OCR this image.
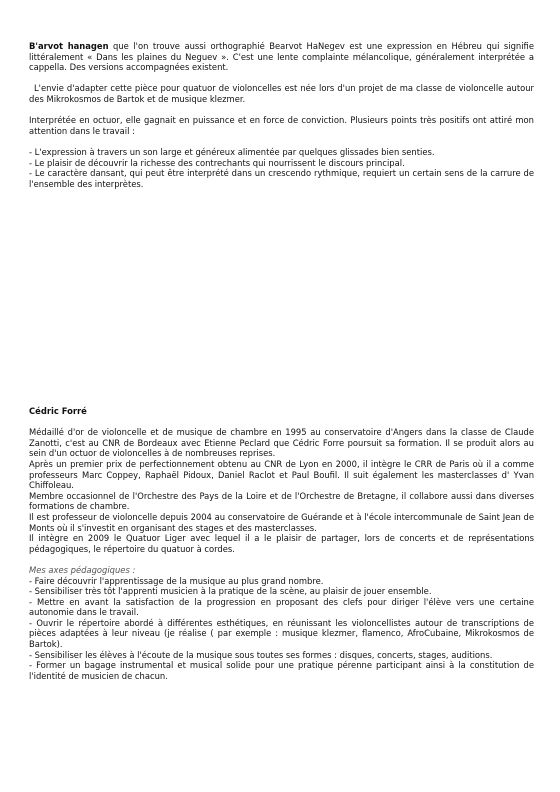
B'arvot hanagen que l'on trouve aussi orthographié Bearvot HaNegev est une expression en Hébreu qui signifie littéralement « Dans les plaines du Neguev ». C'est une lente complainte mélancolique, généralement interprétée a cappella. Des versions accompagnées existent.

L'envie d'adapter cette pièce pour quatuor de violoncelles est née lors d'un projet de ma classe de violoncelle autour des Mikrokosmos de Bartok et de musique klezmer.

Interprétée en octuor, elle gagnait en puissance et en force de conviction. Plusieurs points très positifs ont attiré mon attention dans le travail :

- L'expression à travers un son large et généreux alimentée par quelques glissades bien senties.

- Le plaisir de découvrir la richesse des contrechants qui nourrissent le discours principal.

- Le caractère dansant, qui peut être interprété dans un crescendo rythmique, requiert un certain sens de la carrure de l'ensemble des interprètes.

Cédric Forré

Médaillé d'or de violoncelle et de musique de chambre en 1995 au conservatoire d'Angers dans la classe de Claude Zanotti, c'est au CNR de Bordeaux avec Etienne Peclard que Cédric Forre poursuit sa formation. Il se produit alors au sein d'un octuor de violoncelles à de nombreuses reprises.

Après un premier prix de perfectionnement obtenu au CNR de Lyon en 2000, il intègre le CRR de Paris où il a comme professeurs Marc Coppey, Raphaël Pidoux, Daniel Raclot et Paul Boufil. Il suit également les masterclasses d' Yvan Chiffoleau.

Membre occasionnel de l'Orchestre des Pays de la Loire et de l'Orchestre de Bretagne, il collabore aussi dans diverses formations de chambre.

Il est professeur de violoncelle depuis 2004 au conservatoire de Guérande et à l'école intercommunale de Saint Jean de Monts où il s'investit en organisant des stages et des masterclasses.

Il intègre en 2009 le Quatuor Liger avec lequel il a le plaisir de partager, lors de concerts et de représentations pédagogiques, le répertoire du quatuor à cordes.

Mes axes pédagogiques :

- Faire découvrir l'apprentissage de la musique au plus grand nombre.

- Sensibiliser très tôt l'apprenti musicien à la pratique de la scène, au plaisir de jouer ensemble.

- Mettre en avant la satisfaction de la progression en proposant des clefs pour diriger l'élève vers une certaine autonomie dans le travail.

- Ouvrir le répertoire abordé à différentes esthétiques, en réunissant les violoncellistes autour de transcriptions de pièces adaptées à leur niveau (je réalise ( par exemple : musique klezmer, flamenco, AfroCubaine, Mikrokosmos de Bartok).

- Sensibiliser les élèves à l'écoute de la musique sous toutes ses formes : disques, concerts, stages, auditions.

- Former un bagage instrumental et musical solide pour une pratique pérenne participant ainsi à la constitution de l'identité de musicien de chacun.
